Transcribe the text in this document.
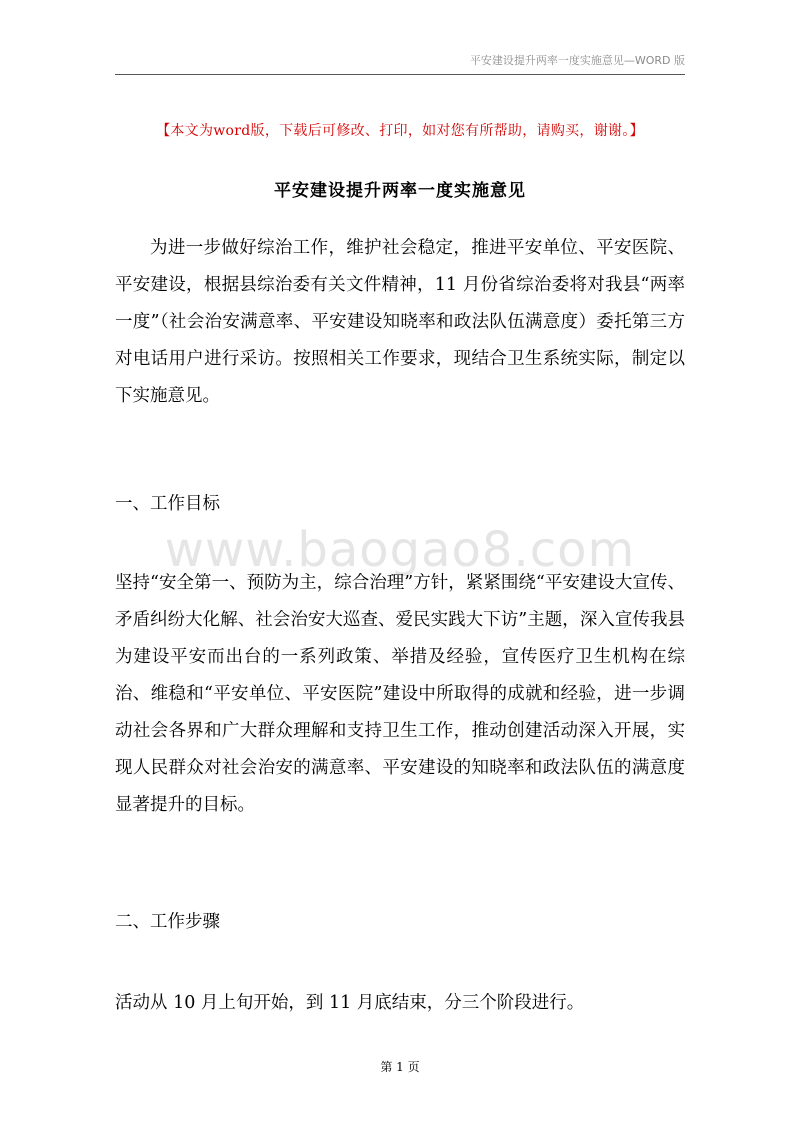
平安建设提升两率一度实施意见—WORD 版
【本文为word版，下载后可修改、打印，如对您有所帮助，请购买，谢谢。】
平安建设提升两率一度实施意见

为进一步做好综治工作，维护社会稳定，推进平安单位、平安医院、平安建设，根据县综治委有关文件精神，11 月份省综治委将对我县“两率一度”（社会治安满意率、平安建设知晓率和政法队伍满意度）委托第三方对电话用户进行采访。按照相关工作要求，现结合卫生系统实际，制定以下实施意见。

一、工作目标

www.baogao8.com

坚持“安全第一、预防为主，综合治理”方针，紧紧围绕“平安建设大宣传、矛盾纠纷大化解、社会治安大巡查、爱民实践大下访”主题，深入宣传我县为建设平安而出台的一系列政策、举措及经验，宣传医疗卫生机构在综治、维稳和“平安单位、平安医院”建设中所取得的成就和经验，进一步调动社会各界和广大群众理解和支持卫生工作，推动创建活动深入开展，实现人民群众对社会治安的满意率、平安建设的知晓率和政法队伍的满意度显著提升的目标。

二、工作步骤

活动从 10 月上旬开始，到 11 月底结束，分三个阶段进行。

第 1 页
